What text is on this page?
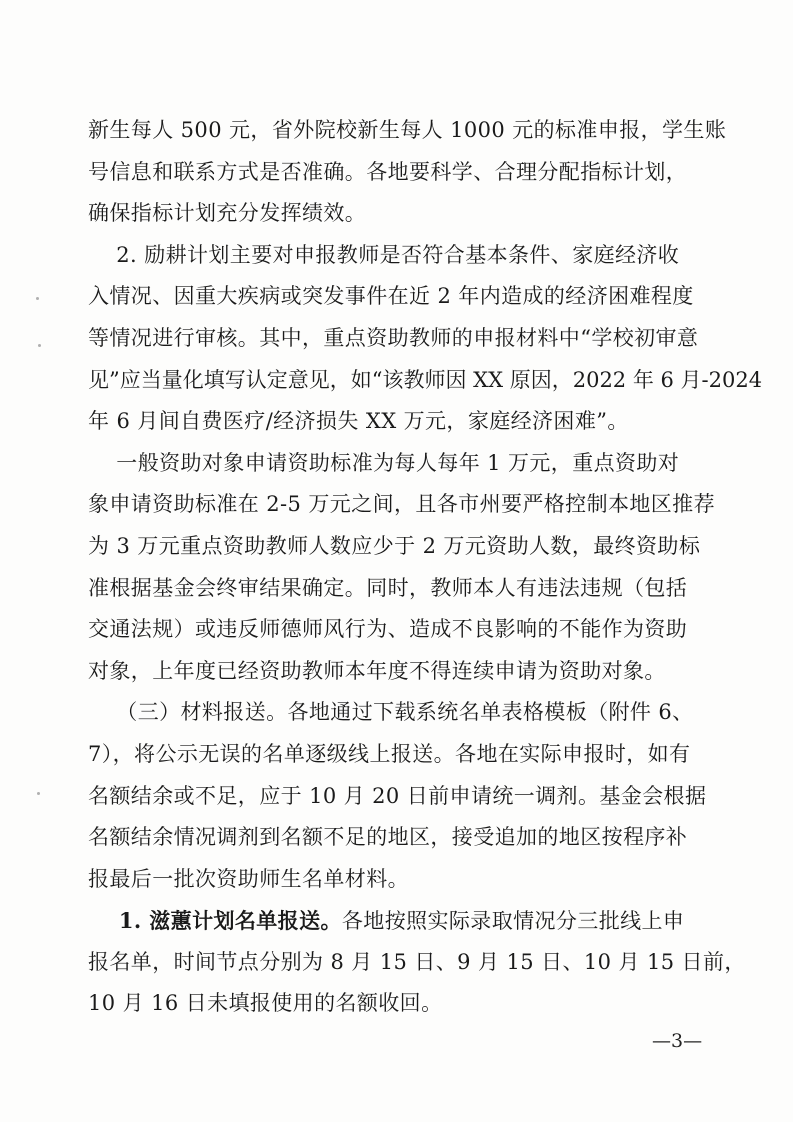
新生每人 500 元，省外院校新生每人 1000 元的标准申报，学生账
号信息和联系方式是否准确。各地要科学、合理分配指标计划，
确保指标计划充分发挥绩效。
2. 励耕计划主要对申报教师是否符合基本条件、家庭经济收
入情况、因重大疾病或突发事件在近 2 年内造成的经济困难程度
等情况进行审核。其中，重点资助教师的申报材料中“学校初审意
见”应当量化填写认定意见，如“该教师因 XX 原因，2022 年 6 月-2024
年 6 月间自费医疗/经济损失 XX 万元，家庭经济困难”。
一般资助对象申请资助标准为每人每年 1 万元，重点资助对
象申请资助标准在 2-5 万元之间，且各市州要严格控制本地区推荐
为 3 万元重点资助教师人数应少于 2 万元资助人数，最终资助标
准根据基金会终审结果确定。同时，教师本人有违法违规（包括
交通法规）或违反师德师风行为、造成不良影响的不能作为资助
对象，上年度已经资助教师本年度不得连续申请为资助对象。
（三）材料报送。各地通过下载系统名单表格模板（附件 6、
7），将公示无误的名单逐级线上报送。各地在实际申报时，如有
名额结余或不足，应于 10 月 20 日前申请统一调剂。基金会根据
名额结余情况调剂到名额不足的地区，接受追加的地区按程序补
报最后一批次资助师生名单材料。
1. 滋蕙计划名单报送。各地按照实际录取情况分三批线上申
报名单，时间节点分别为 8 月 15 日、9 月 15 日、10 月 15 日前，
10 月 16 日未填报使用的名额收回。
—3—
